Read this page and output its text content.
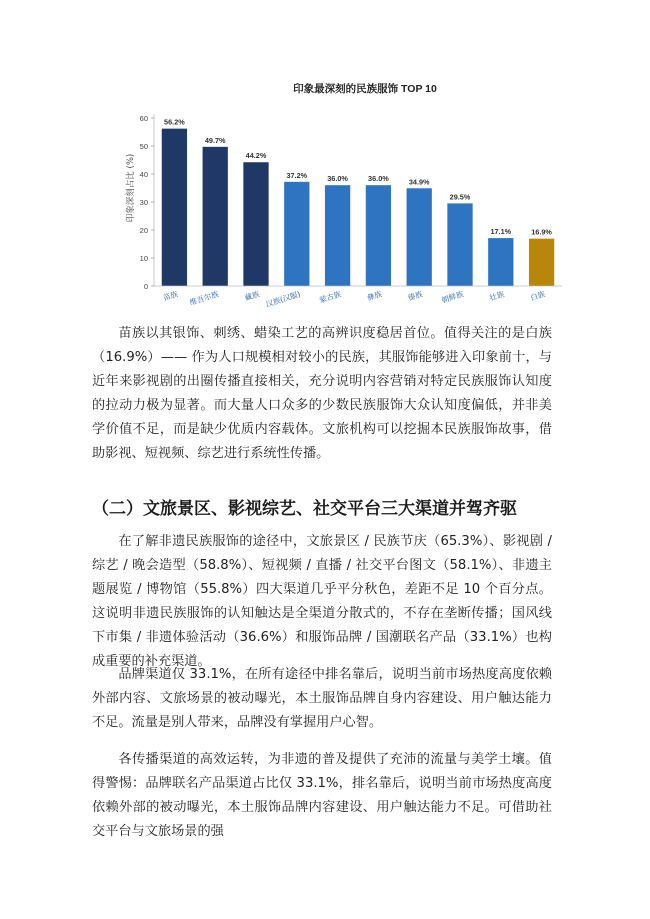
印象最深刻的民族服饰 TOP 10
印象深刻占比 (%)
0
10
20
30
40
50
60 56.2%
49.7%
44.2%
37.2%	36.0%	36.0%	34.9%
29.5%
17.1%	16.9%
苗族 维吾尔族	藏族 汉族(汉服) 蒙古族	彝族	傣族 朝鲜族	壮族	白族

苗族以其银饰、刺绣、蜡染工艺的高辨识度稳居首位。值得关注的是白族（16.9%）—— 作为人口规模相对较小的民族，其服饰能够进入印象前十，与近年来影视剧的出圈传播直接相关，充分说明内容营销对特定民族服饰认知度的拉动力极为显著。而大量人口众多的少数民族服饰大众认知度偏低，并非美学价值不足，而是缺少优质内容载体。文旅机构可以挖掘本民族服饰故事，借助影视、短视频、综艺进行系统性传播。

（二）文旅景区、影视综艺、社交平台三大渠道并驾齐驱

在了解非遗民族服饰的途径中，文旅景区 / 民族节庆（65.3%）、影视剧 / 综艺 / 晚会造型（58.8%）、短视频 / 直播 / 社交平台图文（58.1%）、非遗主题展览 / 博物馆（55.8%）四大渠道几乎平分秋色，差距不足 10 个百分点。这说明非遗民族服饰的认知触达是全渠道分散式的，不存在垄断传播；国风线下市集 / 非遗体验活动（36.6%）和服饰品牌 / 国潮联名产品（33.1%）也构成重要的补充渠道。

品牌渠道仅 33.1%，在所有途径中排名靠后，说明当前市场热度高度依赖外部内容、文旅场景的被动曝光，本土服饰品牌自身内容建设、用户触达能力不足。流量是别人带来，品牌没有掌握用户心智。

各传播渠道的高效运转，为非遗的普及提供了充沛的流量与美学土壤。值得警惕：品牌联名产品渠道占比仅 33.1%，排名靠后，说明当前市场热度高度依赖外部的被动曝光，本土服饰品牌内容建设、用户触达能力不足。可借助社交平台与文旅场景的强
